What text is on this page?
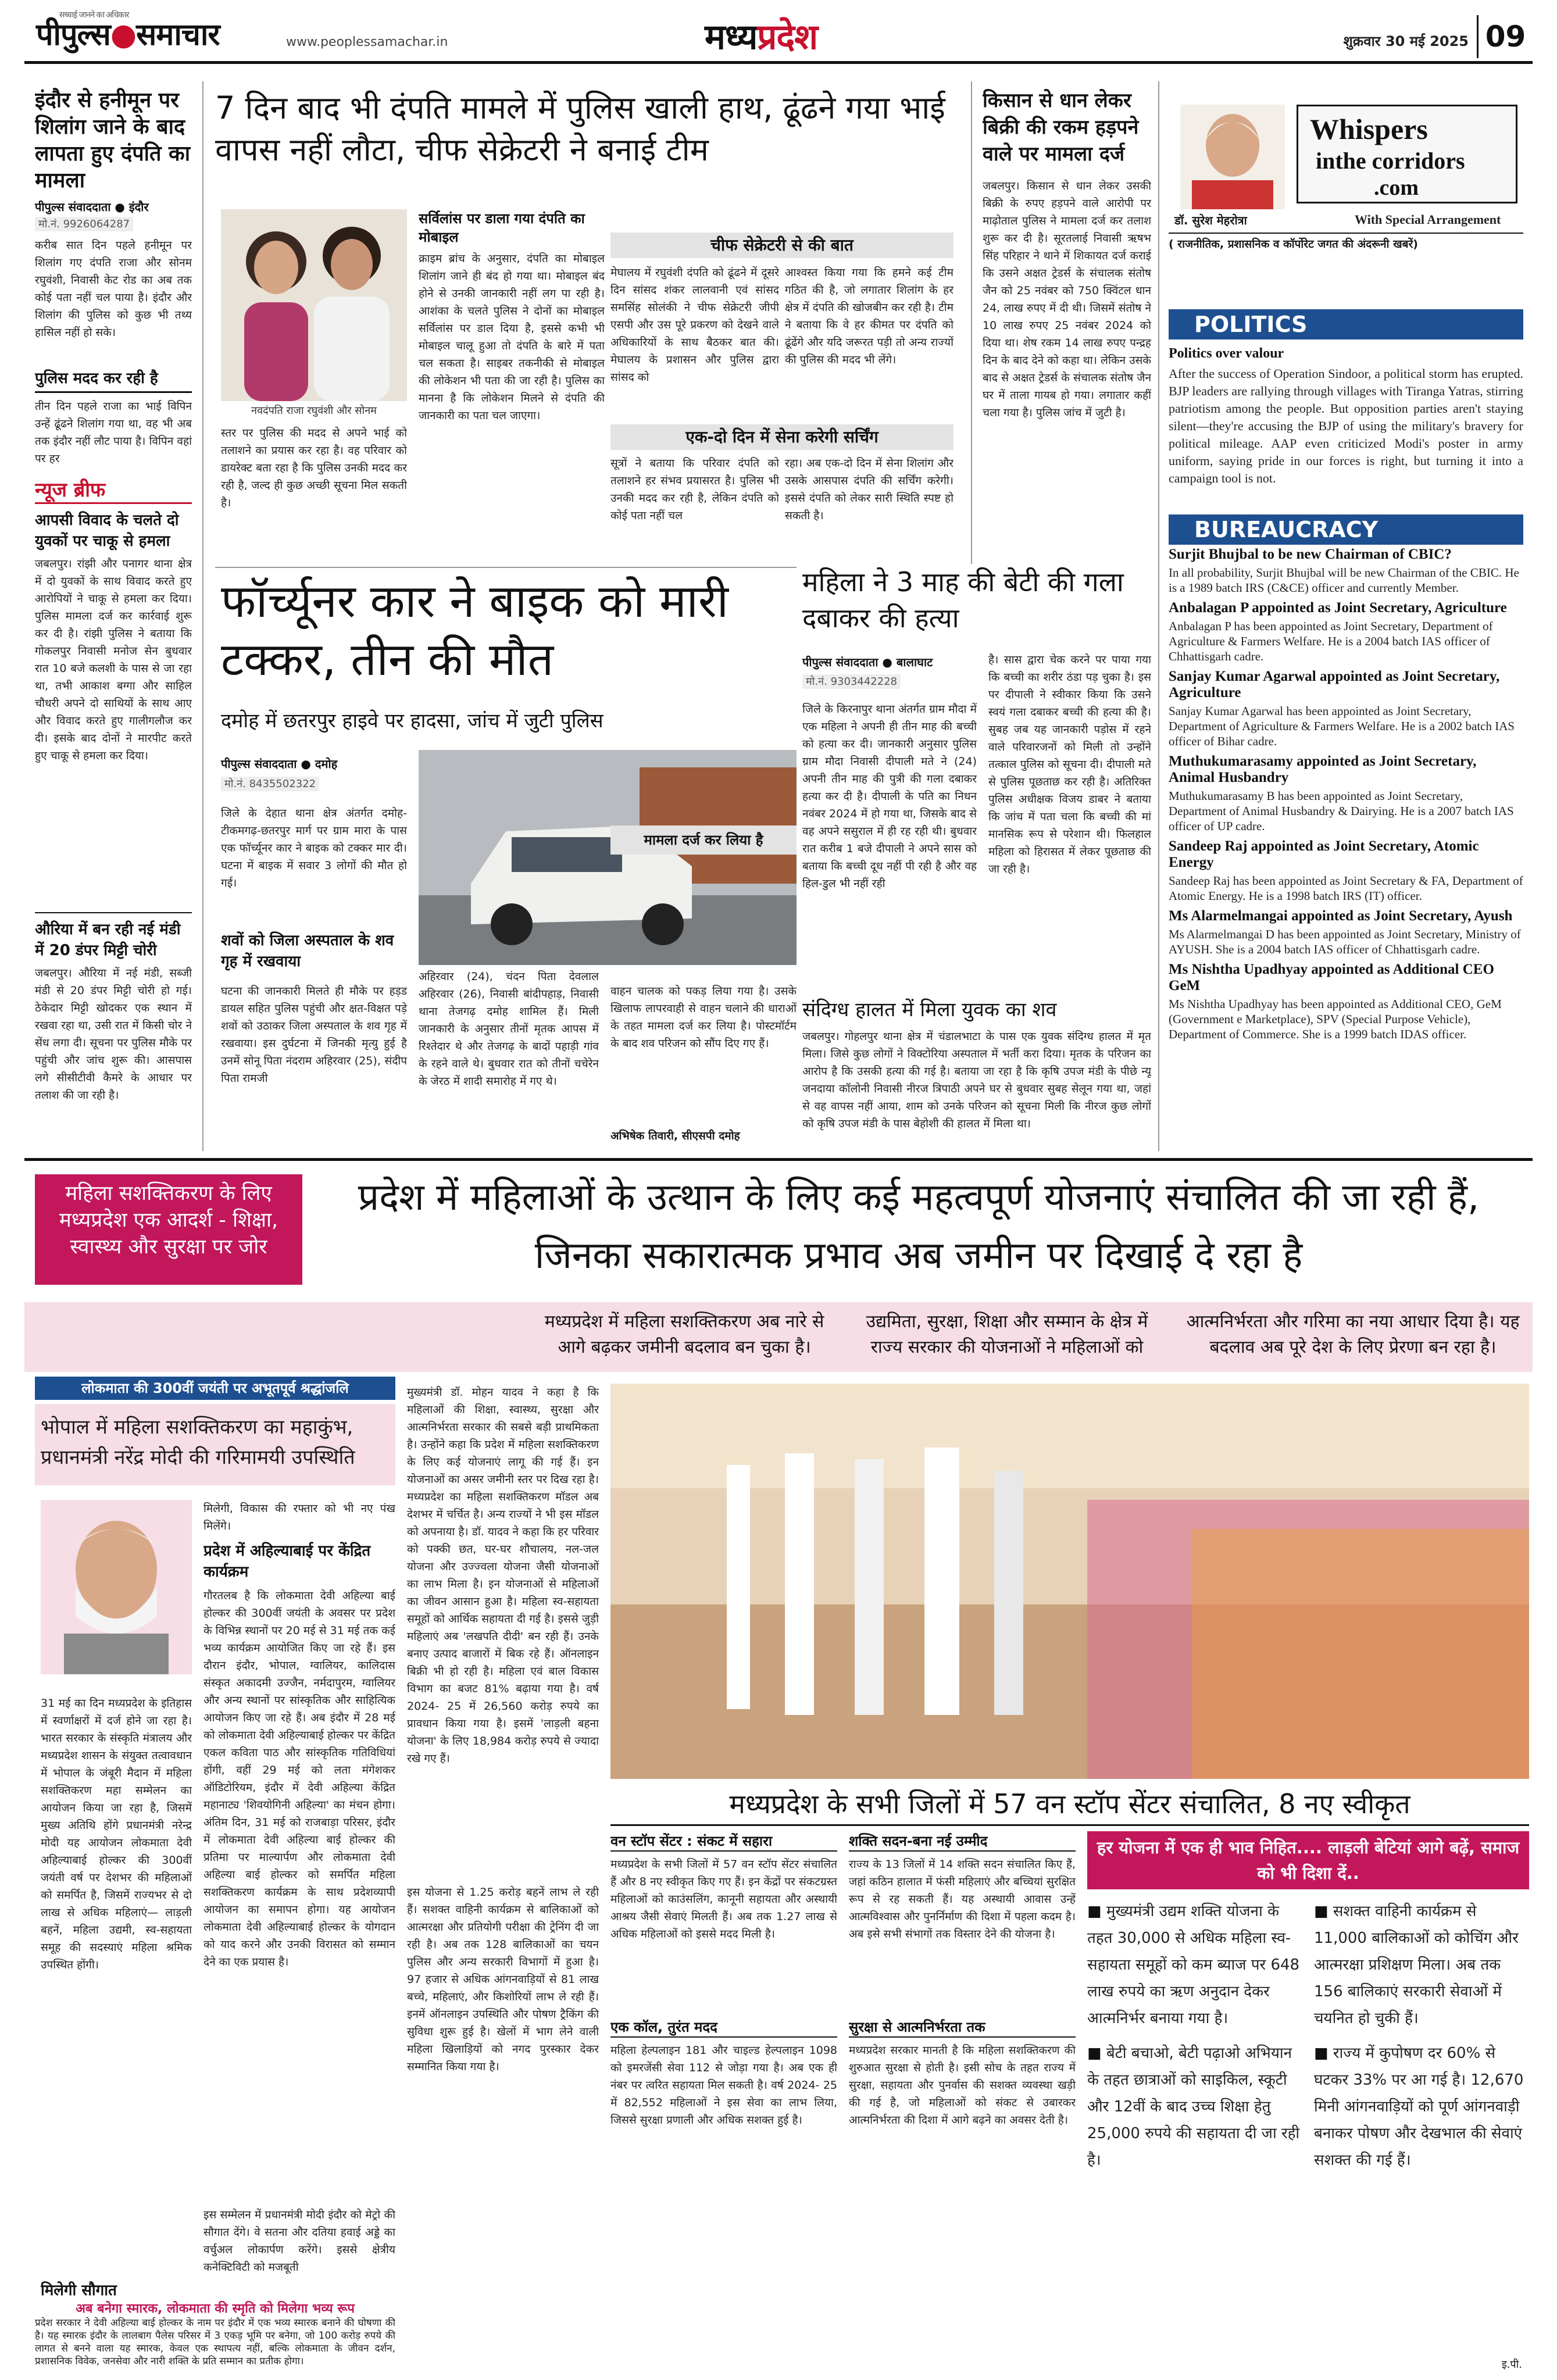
सच्चाई जानने का अधिकार
पीपुल्स●समाचार	www.peoplessamachar.in	मध्यप्रदेश	शुक्रवार 30 मई 2025 09
इंदौर से हनीमून पर शिलांग जाने के बाद लापता हुए दंपति का मामला
पीपुल्स संवाददाता ● इंदौर
मो.नं. 9926064287
करीब सात दिन पहले हनीमून पर शिलांग गए दंपति राजा और सोनम रघुवंशी, निवासी केट रोड का अब तक कोई पता नहीं चल पाया है। इंदौर और शिलांग की पुलिस को कुछ भी तथ्य हासिल नहीं हो सके।
पुलिस मदद कर रही है
तीन दिन पहले राजा का भाई विपिन उन्हें ढूंढने शिलांग गया था, वह भी अब तक इंदौर नहीं लौट पाया है। विपिन वहां पर हर
न्यूज ब्रीफ
आपसी विवाद के चलते दो युवकों पर चाकू से हमला
जबलपुर। रांझी और पनागर थाना क्षेत्र में दो युवकों के साथ विवाद करते हुए आरोपियों ने चाकू से हमला कर दिया। पुलिस मामला दर्ज कर कार्रवाई शुरू कर दी है। रांझी पुलिस ने बताया कि गोकलपुर निवासी मनोज सेन बुधवार रात 10 बजे कलशी के पास से जा रहा था, तभी आकाश बग्गा और साहिल चौधरी अपने दो साथियों के साथ आए और विवाद करते हुए गालीगलौज कर दी। इसके बाद दोनों ने मारपीट करते हुए चाकू से हमला कर दिया।
औरिया में बन रही नई मंडी में 20 डंपर मिट्टी चोरी
जबलपुर। औरिया में नई मंडी, सब्जी मंडी से 20 डंपर मिट्टी चोरी हो गई। ठेकेदार मिट्टी खोदकर एक स्थान में रखवा रहा था, उसी रात में किसी चोर ने सेंध लगा दी। सूचना पर पुलिस मौके पर पहुंची और जांच शुरू की। आसपास लगे सीसीटीवी कैमरे के आधार पर तलाश की जा रही है।
7 दिन बाद भी दंपति मामले में पुलिस खाली हाथ, ढूंढने गया भाई वापस नहीं लौटा, चीफ सेक्रेटरी ने बनाई टीम
नवदंपति राजा रघुवंशी और सोनम
स्तर पर पुलिस की मदद से अपने भाई को तलाशने का प्रयास कर रहा है। वह परिवार को डायरेक्ट बता रहा है कि पुलिस उनकी मदद कर रही है, जल्द ही कुछ अच्छी सूचना मिल सकती है।
सर्विलांस पर डाला गया दंपति का मोबाइल
क्राइम ब्रांच के अनुसार, दंपति का मोबाइल शिलांग जाने ही बंद हो गया था। मोबाइल बंद होने से उनकी जानकारी नहीं लग पा रही है। आशंका के चलते पुलिस ने दोनों का मोबाइल सर्विलांस पर डाल दिया है, इससे कभी भी मोबाइल चालू हुआ तो दंपति के बारे में पता चल सकता है। साइबर तकनीकी से मोबाइल की लोकेशन भी पता की जा रही है। पुलिस का मानना है कि लोकेशन मिलने से दंपति की जानकारी का पता चल जाएगा।
चीफ सेक्रेटरी से की बात
मेघालय में रघुवंशी दंपति को ढूंढने में दूसरे दिन सांसद शंकर लालवानी एवं सांसद समसिंह सोलंकी ने चीफ सेक्रेटरी जीपी एसपी और उस पूरे प्रकरण को देखने वाले अधिकारियों के साथ बैठकर बात की। मेघालय के प्रशासन और पुलिस द्वारा सांसद को
आश्वस्त किया गया कि हमने कई टीम गठित की है, जो लगातार शिलांग के हर क्षेत्र में दंपति की खोजबीन कर रही है। टीम ने बताया कि वे हर कीमत पर दंपति को ढूंढेंगे और यदि जरूरत पड़ी तो अन्य राज्यों की पुलिस की मदद भी लेंगे।
एक-दो दिन में सेना करेगी सर्चिंग
सूत्रों ने बताया कि परिवार दंपति को तलाशने हर संभव प्रयासरत है। पुलिस भी उनकी मदद कर रही है, लेकिन दंपति को कोई पता नहीं चल
रहा। अब एक-दो दिन में सेना शिलांग और उसके आसपास दंपति की सर्चिंग करेगी। इससे दंपति को लेकर सारी स्थिति स्पष्ट हो सकती है।
फॉर्च्यूनर कार ने बाइक को मारी टक्कर, तीन की मौत
दमोह में छतरपुर हाइवे पर हादसा, जांच में जुटी पुलिस
पीपुल्स संवाददाता ● दमोह
मो.नं. 8435502322
जिले के देहात थाना क्षेत्र अंतर्गत दमोह- टीकमगढ़-छतरपुर मार्ग पर ग्राम मारा के पास एक फॉर्च्यूनर कार ने बाइक को टक्कर मार दी। घटना में बाइक में सवार 3 लोगों की मौत हो गई।
शवों को जिला अस्पताल के शव गृह में रखवाया
घटना की जानकारी मिलते ही मौके पर हड़ड डायल सहित पुलिस पहुंची और क्षत-विक्षत पड़े शवों को उठाकर जिला अस्पताल के शव गृह में रखवाया। इस दुर्घटना में जिनकी मृत्यु हुई है उनमें सोनू पिता नंदराम अहिरवार (25), संदीप पिता रामजी
अहिरवार (24), चंदन पिता देवलाल अहिरवार (26), निवासी बांदीपहाड़, निवासी थाना तेजगढ़ दमोह शामिल हैं। मिली जानकारी के अनुसार तीनों मृतक आपस में रिश्तेदार थे और तेजगढ़ के बादों पहाड़ी गांव के रहने वाले थे। बुधवार रात को तीनों चचेरेन के जेरठ में शादी समारोह में गए थे।
मामला दर्ज कर लिया है
वाहन चालक को पकड़ लिया गया है। उसके खिलाफ लापरवाही से वाहन चलाने की धाराओं के तहत मामला दर्ज कर लिया है। पोस्टमॉर्टम के बाद शव परिजन को सौंप दिए गए हैं।
अभिषेक तिवारी, सीएसपी दमोह
महिला ने 3 माह की बेटी की गला दबाकर की हत्या
पीपुल्स संवाददाता ● बालाघाट
मो.नं. 9303442228
जिले के किरनापुर थाना अंतर्गत ग्राम मौदा में एक महिला ने अपनी ही तीन माह की बच्ची को हत्या कर दी। जानकारी अनुसार पुलिस ग्राम मौदा निवासी दीपाली मते ने (24) अपनी तीन माह की पुत्री की गला दबाकर हत्या कर दी है। दीपाली के पति का निधन नवंबर 2024 में हो गया था, जिसके बाद से वह अपने ससुराल में ही रह रही थी। बुधवार रात करीब 1 बजे दीपाली ने अपने सास को बताया कि बच्ची दूध नहीं पी रही है और वह हिल-डुल भी नहीं रही
है। सास द्वारा चेक करने पर पाया गया कि बच्ची का शरीर ठंडा पड़ चुका है। इस पर दीपाली ने स्वीकार किया कि उसने स्वयं गला दबाकर बच्ची की हत्या की है। सुबह जब यह जानकारी पड़ोस में रहने वाले परिवारजनों को मिली तो उन्होंने तत्काल पुलिस को सूचना दी। दीपाली मते से पुलिस पूछताछ कर रही है। अतिरिक्त पुलिस अधीक्षक विजय डाबर ने बताया कि जांच में पता चला कि बच्ची की मां मानसिक रूप से परेशान थी। फिलहाल महिला को हिरासत में लेकर पूछताछ की जा रही है।
संदिग्ध हालत में मिला युवक का शव
जबलपुर। गोहलपुर थाना क्षेत्र में चंडालभाटा के पास एक युवक संदिग्ध हालत में मृत मिला। जिसे कुछ लोगों ने विक्टोरिया अस्पताल में भर्ती करा दिया। मृतक के परिजन का आरोप है कि उसकी हत्या की गई है। बताया जा रहा है कि कृषि उपज मंडी के पीछे न्यू जनदाया कॉलोनी निवासी नीरज त्रिपाठी अपने घर से बुधवार सुबह सेलून गया था, जहां से वह वापस नहीं आया, शाम को उनके परिजन को सूचना मिली कि नीरज कुछ लोगों को कृषि उपज मंडी के पास बेहोशी की हालत में मिला था।
किसान से धान लेकर बिक्री की रकम हड़पने वाले पर मामला दर्ज
जबलपुर। किसान से धान लेकर उसकी बिक्री के रुपए हड़पने वाले आरोपी पर माढ़ोताल पुलिस ने मामला दर्ज कर तलाश शुरू कर दी है। सूरतलाई निवासी ऋषभ सिंह परिहार ने थाने में शिकायत दर्ज कराई कि उसने अक्षत ट्रेडर्स के संचालक संतोष जैन को 25 नवंबर को 750 क्विंटल धान 24, लाख रुपए में दी थी। जिसमें संतोष ने 10 लाख रुपए 25 नवंबर 2024 को दिया था। शेष रकम 14 लाख रुपए पन्द्रह दिन के बाद देने को कहा था। लेकिन उसके बाद से अक्षत ट्रेडर्स के संचालक संतोष जैन घर में ताला गायब हो गया। लगातार कहीं चला गया है। पुलिस जांच में जुटी है।
Whispers
inthe corridors
.com
डॉ. सुरेश मेहरोत्रा	With Special Arrangement
( राजनीतिक, प्रशासनिक व कॉर्पोरेट जगत की अंदरूनी खबरें)
POLITICS
Politics over valour
After the success of Operation Sindoor, a political storm has erupted. BJP leaders are rallying through villages with Tiranga Yatras, stirring patriotism among the people. But opposition parties aren't staying silent—they're accusing the BJP of using the military's bravery for political mileage. AAP even criticized Modi's poster in army uniform, saying pride in our forces is right, but turning it into a campaign tool is not.
BUREAUCRACY
Surjit Bhujbal to be new Chairman of CBIC?
In all probability, Surjit Bhujbal will be new Chairman of the CBIC. He is a 1989 batch IRS (C&CE) officer and currently Member.
Anbalagan P appointed as Joint Secretary, Agriculture
Anbalagan P has been appointed as Joint Secretary, Department of Agriculture & Farmers Welfare. He is a 2004 batch IAS officer of Chhattisgarh cadre.
Sanjay Kumar Agarwal appointed as Joint Secretary, Agriculture
Sanjay Kumar Agarwal has been appointed as Joint Secretary, Department of Agriculture & Farmers Welfare. He is a 2002 batch IAS officer of Bihar cadre.
Muthukumarasamy appointed as Joint Secretary, Animal Husbandry
Muthukumarasamy B has been appointed as Joint Secretary, Department of Animal Husbandry & Dairying. He is a 2007 batch IAS officer of UP cadre.
Sandeep Raj appointed as Joint Secretary, Atomic Energy
Sandeep Raj has been appointed as Joint Secretary & FA, Department of Atomic Energy. He is a 1998 batch IRS (IT) officer.
Ms Alarmelmangai appointed as Joint Secretary, Ayush
Ms Alarmelmangai D has been appointed as Joint Secretary, Ministry of AYUSH. She is a 2004 batch IAS officer of Chhattisgarh cadre.
Ms Nishtha Upadhyay appointed as Additional CEO GeM
Ms Nishtha Upadhyay has been appointed as Additional CEO, GeM (Government e Marketplace), SPV (Special Purpose Vehicle), Department of Commerce. She is a 1999 batch IDAS officer.
महिला सशक्तिकरण के लिए मध्यप्रदेश एक आदर्श - शिक्षा, स्वास्थ्य और सुरक्षा पर जोर
प्रदेश में महिलाओं के उत्थान के लिए कई महत्वपूर्ण योजनाएं संचालित की जा रही हैं, जिनका सकारात्मक प्रभाव अब जमीन पर दिखाई दे रहा है
मध्यप्रदेश में महिला सशक्तिकरण अब नारे से आगे बढ़कर जमीनी बदलाव बन चुका है।
उद्यमिता, सुरक्षा, शिक्षा और सम्मान के क्षेत्र में राज्य सरकार की योजनाओं ने महिलाओं को
आत्मनिर्भरता और गरिमा का नया आधार दिया है। यह बदलाव अब पूरे देश के लिए प्रेरणा बन रहा है।
लोकमाता की 300वीं जयंती पर अभूतपूर्व श्रद्धांजलि
भोपाल में महिला सशक्तिकरण का महाकुंभ, प्रधानमंत्री नरेंद्र मोदी की गरिमामयी उपस्थिति
31 मई का दिन मध्यप्रदेश के इतिहास में स्वर्णाक्षरों में दर्ज होने जा रहा है। भारत सरकार के संस्कृति मंत्रालय और मध्यप्रदेश शासन के संयुक्त तत्वावधान में भोपाल के जंबूरी मैदान में महिला सशक्तिकरण महा सम्मेलन का आयोजन किया जा रहा है, जिसमें मुख्य अतिथि होंगे प्रधानमंत्री नरेन्द्र मोदी यह आयोजन लोकमाता देवी अहिल्याबाई होल्कर की 300वीं जयंती वर्ष पर देशभर की महिलाओं को समर्पित है, जिसमें राज्यभर से दो लाख से अधिक महिलाएं— लाड़ली बहनें, महिला उद्यमी, स्व-सहायता समूह की सदस्याएं महिला श्रमिक उपस्थित होंगी।
मिलेगी सौगात
मिलेगी, विकास की रफ्तार को भी नए पंख मिलेंगे।
प्रदेश में अहिल्याबाई पर केंद्रित कार्यक्रम
गौरतलब है कि लोकमाता देवी अहिल्या बाई होल्कर की 300वीं जयंती के अवसर पर प्रदेश के विभिन्न स्थानों पर 20 मई से 31 मई तक कई भव्य कार्यक्रम आयोजित किए जा रहे हैं। इस दौरान इंदौर, भोपाल, ग्वालियर, कालिदास संस्कृत अकादमी उज्जैन, नर्मदापुरम, ग्वालियर और अन्य स्थानों पर सांस्कृतिक और साहित्यिक आयोजन किए जा रहे हैं। अब इंदौर में 28 मई को लोकमाता देवी अहिल्याबाई होल्कर पर केंद्रित एकल कविता पाठ और सांस्कृतिक गतिविधियां होंगी, वहीं 29 मई को लता मंगेशकर ऑडिटोरियम, इंदौर में देवी अहिल्या केंद्रित महानाट्य 'शिवयोगिनी अहिल्या' का मंचन होगा। अंतिम दिन, 31 मई को राजबाड़ा परिसर, इंदौर में लोकमाता देवी अहिल्या बाई होल्कर की प्रतिमा पर माल्यार्पण और लोकमाता देवी अहिल्या बाई होल्कर को समर्पित महिला सशक्तिकरण कार्यक्रम के साथ प्रदेशव्यापी आयोजन का समापन होगा। यह आयोजन लोकमाता देवी अहिल्याबाई होल्कर के योगदान को याद करने और उनकी विरासत को सम्मान देने का एक प्रयास है।
अब बनेगा स्मारक, लोकमाता की स्मृति को मिलेगा भव्य रूप
प्रदेश सरकार ने देवी अहिल्या बाई होल्कर के नाम पर इंदौर में एक भव्य स्मारक बनाने की घोषणा की है। यह स्मारक इंदौर के लालबाग पैलेस परिसर में 3 एकड़ भूमि पर बनेगा, जो 100 करोड़ रुपये की लागत से बनने वाला यह स्मारक, केवल एक स्थापत्य नहीं, बल्कि लोकमाता के जीवन दर्शन, प्रशासनिक विवेक, जनसेवा और नारी शक्ति के प्रति सम्मान का प्रतीक होगा।
इस सम्मेलन में प्रधानमंत्री मोदी इंदौर को मेट्रो की सौगात देंगे। वे सतना और दतिया हवाई अड्डे का वर्चुअल लोकार्पण करेंगे। इससे क्षेत्रीय कनेक्टिविटी को मजबूती
मुख्यमंत्री डॉ. मोहन यादव ने कहा है कि महिलाओं की शिक्षा, स्वास्थ्य, सुरक्षा और आत्मनिर्भरता सरकार की सबसे बड़ी प्राथमिकता है। उन्होंने कहा कि प्रदेश में महिला सशक्तिकरण के लिए कई योजनाएं लागू की गई हैं। इन योजनाओं का असर जमीनी स्तर पर दिख रहा है। मध्यप्रदेश का महिला सशक्तिकरण मॉडल अब देशभर में चर्चित है। अन्य राज्यों ने भी इस मॉडल को अपनाया है। डॉ. यादव ने कहा कि हर परिवार को पक्की छत, घर-घर शौचालय, नल-जल योजना और उज्ज्वला योजना जैसी योजनाओं का लाभ मिला है। इन योजनाओं से महिलाओं का जीवन आसान हुआ है। महिला स्व-सहायता समूहों को आर्थिक सहायता दी गई है। इससे जुड़ी महिलाएं अब 'लखपति दीदी' बन रही हैं। उनके बनाए उत्पाद बाजारों में बिक रहे हैं। ऑनलाइन बिक्री भी हो रही है। महिला एवं बाल विकास विभाग का बजट 81% बढ़ाया गया है। वर्ष 2024- 25 में 26,560 करोड़ रुपये का प्रावधान किया गया है। इसमें 'लाड़ली बहना योजना' के लिए 18,984 करोड़ रुपये से ज्यादा रखे गए हैं।
इस योजना से 1.25 करोड़ बहनें लाभ ले रही हैं। सशक्त वाहिनी कार्यक्रम से बालिकाओं को आत्मरक्षा और प्रतियोगी परीक्षा की ट्रेनिंग दी जा रही है। अब तक 128 बालिकाओं का चयन पुलिस और अन्य सरकारी विभागों में हुआ है। 97 हजार से अधिक आंगनवाड़ियों से 81 लाख बच्चे, महिलाएं, और किशोरियों लाभ ले रही हैं। इनमें ऑनलाइन उपस्थिति और पोषण ट्रैकिंग की सुविधा शुरू हुई है। खेलों में भाग लेने वाली महिला खिलाड़ियों को नगद पुरस्कार देकर सम्मानित किया गया है।
मध्यप्रदेश के सभी जिलों में 57 वन स्टॉप सेंटर संचालित, 8 नए स्वीकृत
वन स्टॉप सेंटर : संकट में सहारा
मध्यप्रदेश के सभी जिलों में 57 वन स्टॉप सेंटर संचालित हैं और 8 नए स्वीकृत किए गए हैं। इन केंद्रों पर संकटग्रस्त महिलाओं को काउंसलिंग, कानूनी सहायता और अस्थायी आश्रय जैसी सेवाएं मिलती हैं। अब तक 1.27 लाख से अधिक महिलाओं को इससे मदद मिली है।
एक कॉल, तुरंत मदद
महिला हेल्पलाइन 181 और चाइल्ड हेल्पलाइन 1098 को इमरजेंसी सेवा 112 से जोड़ा गया है। अब एक ही नंबर पर त्वरित सहायता मिल सकती है। वर्ष 2024- 25 में 82,552 महिलाओं ने इस सेवा का लाभ लिया, जिससे सुरक्षा प्रणाली और अधिक सशक्त हुई है।
शक्ति सदन-बना नई उम्मीद
राज्य के 13 जिलों में 14 शक्ति सदन संचालित किए हैं, जहां कठिन हालात में फंसी महिलाएं और बच्चियां सुरक्षित रूप से रह सकती हैं। यह अस्थायी आवास उन्हें आत्मविश्वास और पुनर्निर्माण की दिशा में पहला कदम है। अब इसे सभी संभागों तक विस्तार देने की योजना है।
सुरक्षा से आत्मनिर्भरता तक
मध्यप्रदेश सरकार मानती है कि महिला सशक्तिकरण की शुरुआत सुरक्षा से होती है। इसी सोच के तहत राज्य में सुरक्षा, सहायता और पुनर्वास की सशक्त व्यवस्था खड़ी की गई है, जो महिलाओं को संकट से उबारकर आत्मनिर्भरता की दिशा में आगे बढ़ने का अवसर देती है।
हर योजना में एक ही भाव निहित.... लाड़ली बेटियां आगे बढ़ें, समाज को भी दिशा दें..
■ मुख्यमंत्री उद्यम शक्ति योजना के तहत 30,000 से अधिक महिला स्व-सहायता समूहों को कम ब्याज पर 648 लाख रुपये का ऋण अनुदान देकर आत्मनिर्भर बनाया गया है।
■ बेटी बचाओ, बेटी पढ़ाओ अभियान के तहत छात्राओं को साइकिल, स्कूटी और 12वीं के बाद उच्च शिक्षा हेतु 25,000 रुपये की सहायता दी जा रही है।
■ सशक्त वाहिनी कार्यक्रम से 11,000 बालिकाओं को कोचिंग और आत्मरक्षा प्रशिक्षण मिला। अब तक 156 बालिकाएं सरकारी सेवाओं में चयनित हो चुकी हैं।
■ राज्य में कुपोषण दर 60% से घटकर 33% पर आ गई है। 12,670 मिनी आंगनवाड़ियों को पूर्ण आंगनवाड़ी बनाकर पोषण और देखभाल की सेवाएं सशक्त की गई हैं।
इ.पी.
